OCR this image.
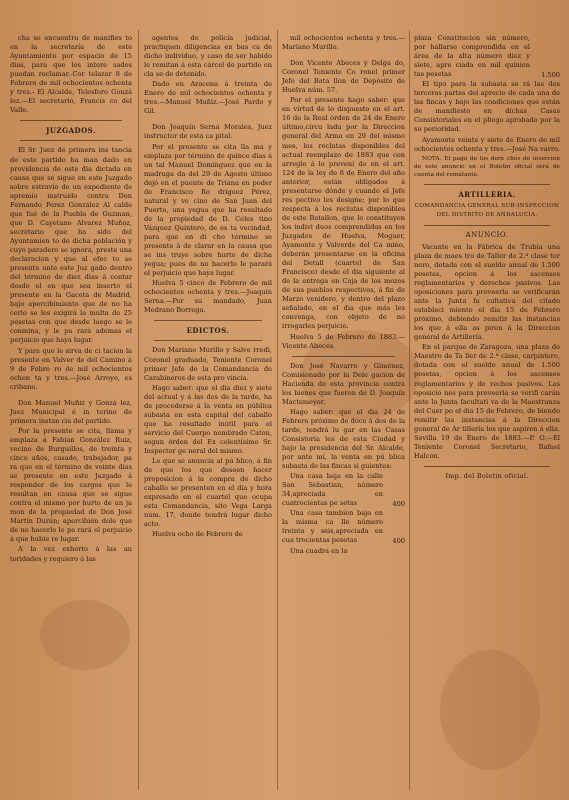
cha se encuentra de manifies to en la secretaría de este Ayuntamiento por espacio de 15 dias, para que los intere sados puedan reclamar.-Cor telazar 8 de Febrero de mil ochocientos ochenta y tres.- El Alcalde, Telesforo Gonzá lez.—El secretario, Francis co del Valle.

JUZGADOS.

El Sr. Juez de primera ins tancia de este partido ha man dado en providencia de este dia dictada en causa que se sigue en este Juzgado sobre estravío de un expediente de apremio instruido contra Don Fernando Pérez González Al calde que fué de la Puebla de Guzman, que D. Cayetano Alvarez Muñoz, secretario que ha sido del Ayuntamien to de dicha población y cuyo paradero se ignora, preste una declaracion y que al efec to se presente ante este Juz gado dentro del término de diez dias á contar desde el en que sea inserto el presente en la Gaceta de Madrid, bajo apercibimiento que de no ha cerlo se les exigirá la multa de 25 pesetas con que desde luego se le conmina, y le pa rará ademas el perjuicio que haya lugar.

Y para que le sirva de ci tacion la presente en Valver de del Camino á 9 de Febre ro de mil ochocientos ochen ta y tres.—José Arroyo, es cribano.

Don Manuel Muñiz y Gonzá lez, Juez Municipal é in terino de primera instan cia del partido.

Por la presente se cita, llama y emplaza á Fabian González Ruiz, vecino de Burguillos, de treinta y cinco años, casado, trabajador, pa ra que en el término de veinte dias se presente en este Juzgado á responder de los cargos que le resultan en causa que se sigue contra el mismo por hurto de un ja mon de la propiedad de Don José Martín Durán; apercibién dole que de no hacerlo le pa rará el perjuicio á que hubie re lugar.

A la vez exhorto á las au toridades y requiero á las

agentes de policía judicial, practiquen diligencias en bus ca de dicho individuo, y caso de ser habido le remitan á esta cárcel de partido en cla se de detenido.

Dado en Aracena á treinta de Enero de mil ochocientos ochenta y tres.—Manuel Muñiz.—José Pardo y Gil.

Don Joaquín Serna Morales, Juez instructor de esta ca pital.

Por el presente se cita lla ma y emplaza por término de quince dias á un tal Manuel Domínguez que en la madruga da del 29 de Agosto último dejó en el puente de Triana en poder de Francisco Ro dríguez Pérez, natural y ve cino de San Juan del Puerto, una yegua que ha resultado de la propiedad de D. Celes tino Vázquez Quintero, de es ta vecindad, para que en di cho término se presente á de clarar en la causa que se ins truye sobre hurto de dicha yegua; pues de no hacerlo le parará el perjuicio que haya lugar.

Huelva 5 cinco de Febrero de mil ochocientos ochenta y tres.—Joaquin Serna.—Por su mandado, Juan Medrano Borrega.

EDICTOS.

Don Mariano Murillo y Salve rredi, Coronel graduado, Teniente Coronel primer Jefe de la Comandancia de Carabineros de esta pro vincia.

Hago saber: que el dia diez y siete del actual y á las dos de la tarde, ha de procederse á la venta en pública subasta en esta capital del caballo que ha resultado inútil para el servicio del Cuerpo nombrado Caton, segun órden del Ex celentísimo Sr. Inspector ge neral del mismo.

Lo que se anuncia al pú blico, á fin de que los que deseen hacer proposicion á la compra de dicho caballo se presenten en el dia y hora expresado en el cuartel que ocupa esta Comandancia, sito Vega Larga núm. 17, donde tendrá lugar dicho acto.

Huelva ocho de Febrero de

mil ochocientos ochenta y tres.—Mariano Murillo.

Don Vicente Abeces y Delga do, Coronel Teniente Co ronel primer Jefe del Bata llon de Depósito de Huelva núm. 57.

Por el presente hago saber: que en virtud de lo dispuesto en el art. 16 de la Real órden de 24 de Enero último,circu lada por la Direccion general del Arma en 29 del mismo mes, los reclutas disponibles del actual reemplazo de 1883 que con arreglo á lo prevení do en el art. 124 de la ley de 8 de Enero del año anterior, están obligados á presentarse dónde y cuando el Jefe res pectivo les designe; por lo que respecta á los reclutas disponibles de este Batallon, que lo constituyen los indivi duos comprendidos en los Juzgados de Huelva, Moguer, Ayamonte y Valverde del Ca mino, deberán presentarse en la oficina del Detall (cuartel de San Francisco) desde el dia siguiente al de la entrega en Caja de los mozos de sus pueblos respectivos, á fin de Marzo venidero, y dentro del plazo señalado, en el dia que más les convenga, con objeto de no irrogarles perjuicio.

Huelva 5 de Febrero de 1883.—Vicente Abeces.

Don José Navarro y Giménez, Comisionado por la Dele gacion de Hacienda de esta provincia contra los bienes que fueron de D. Joaquín Mactemeyor.

Hago saber: que el dia 24 de Febrero próximo de doce á dos de la tarde, tendrá lu gar en las Casas Consistoria les de esta Ciudad y bajo la presidencia del Sr. Alcalde, por ante mí, la venta en pú blica subasta de las fincas si guientes:

Una casa baja en la calle San Sebastian, número 34,apreciada en cuatrocientas pe setas	400
Una casa tambien baja en la misma ca lle número treinta y seis,apreciada en cua trocientas pesetas	400

Una cuadra en la

plaza Constitucion sin número, por hallarse comprendida en el área de la alta número diez y siete, apre ciada en mil quinien tas pesetas	1.500

El tipo para la subasta se rá las dos terceras partes del aprecio de cada una de las fincas y bajo las condiciones que están de manifiesto en dichas Casas Consistoriales en el pliego aprobado por la su perioridad.

Ayamonte veinte y siete de Enero de mil ochocientos ochenta y tres.—José Na varro.

NOTA. El pago de los dere chos de insercion de este anuncio en el Boletin oficial será de cuenta del rematante.

ARTILLERIA.
COMANDANCIA GENERAL SUB-INSPECCION DEL DISTRITO DE ANDALUCIA.
ANUNCIO.

Vacante en la Fábrica de Trubia una plaza de maes tro de Taller de 2.ª clase tor nero, dotada con el sueldo anual de 1.500 pesetas, opcion á los ascensos reglamentarios y derechos pasivos. Las oposiciones para proveerla se verificarán ante la Junta fa cultativa del citado estableci miento el dia 15 de Febrero próximo, debiendo remitir las instancias los que á ella as piren á la Direccion general de Artillería.

En el parque de Zaragoza, una plaza de Maestro de Ta ller de 2.ª clase, carpintero, dotada con el sueldo anual de 1.500 pesetas, opcion á los ascensos reglamentarios y de rechos pasivos. Las oposicio nes para proveerla se verifi carán ante la Junta facultati va de la Maestranza del Cuer po el dia 15 de Febrero, de biendo remitir las instancias á la Direccion general de Ar tillería los que aspiren á ella. Sevilla 19 de Enero de 1883.—P. O.—El Teniente Coronel Secretario, Rafael Halcon.

Imp. del Boletin oficial.
